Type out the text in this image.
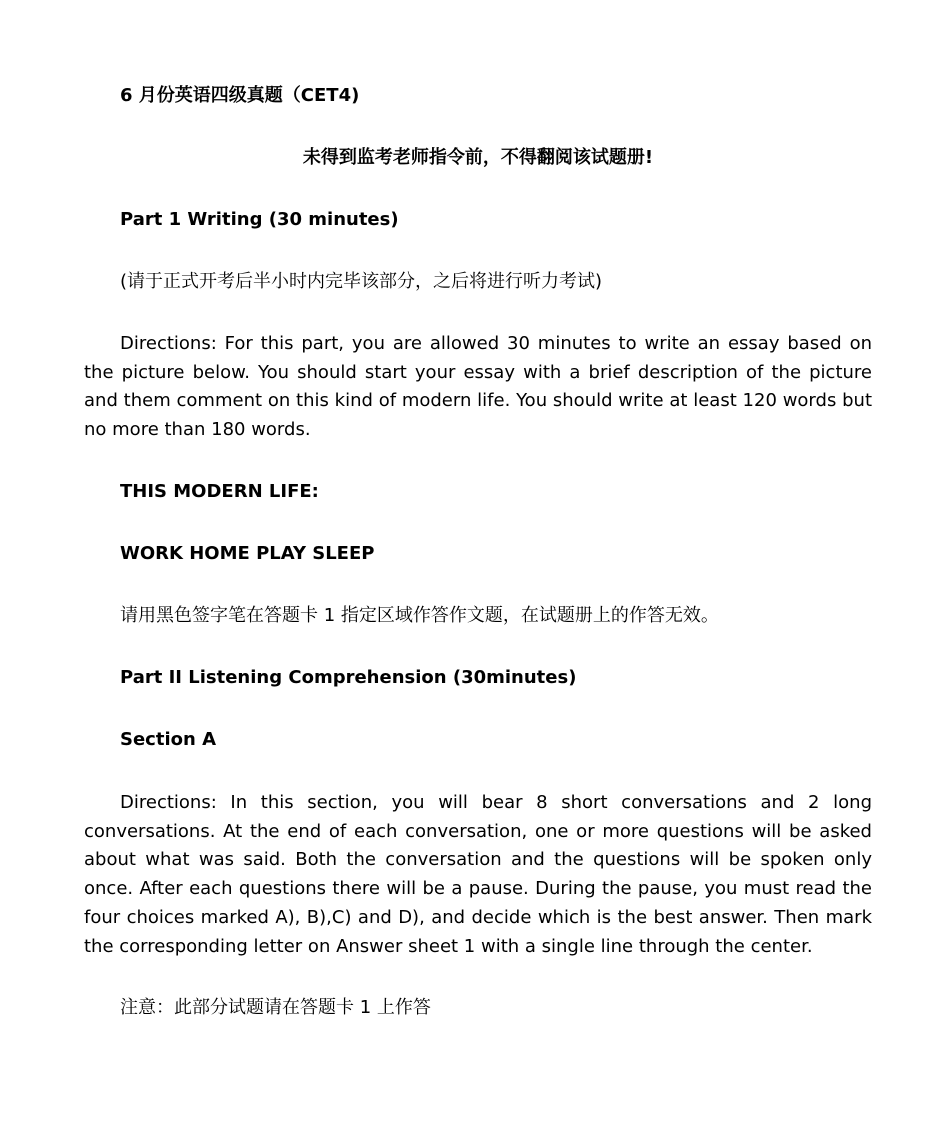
6 月份英语四级真题（CET4)
未得到监考老师指令前，不得翻阅该试题册!
Part 1 Writing (30 minutes)
(请于正式开考后半小时内完毕该部分，之后将进行听力考试)
Directions: For this part, you are allowed 30 minutes to write an essay based on the picture below. You should start your essay with a brief description of the picture and them comment on this kind of modern life. You should write at least 120 words but no more than 180 words.
THIS MODERN LIFE:
WORK HOME PLAY SLEEP
请用黑色签字笔在答题卡 1 指定区域作答作文题，在试题册上的作答无效。
Part II Listening Comprehension (30minutes)
Section A
Directions: In this section, you will bear 8 short conversations and 2 long conversations. At the end of each conversation, one or more questions will be asked about what was said. Both the conversation and the questions will be spoken only once. After each questions there will be a pause. During the pause, you must read the four choices marked A), B),C) and D), and decide which is the best answer. Then mark the corresponding letter on Answer sheet 1 with a single line through the center.
注意：此部分试题请在答题卡 1 上作答
